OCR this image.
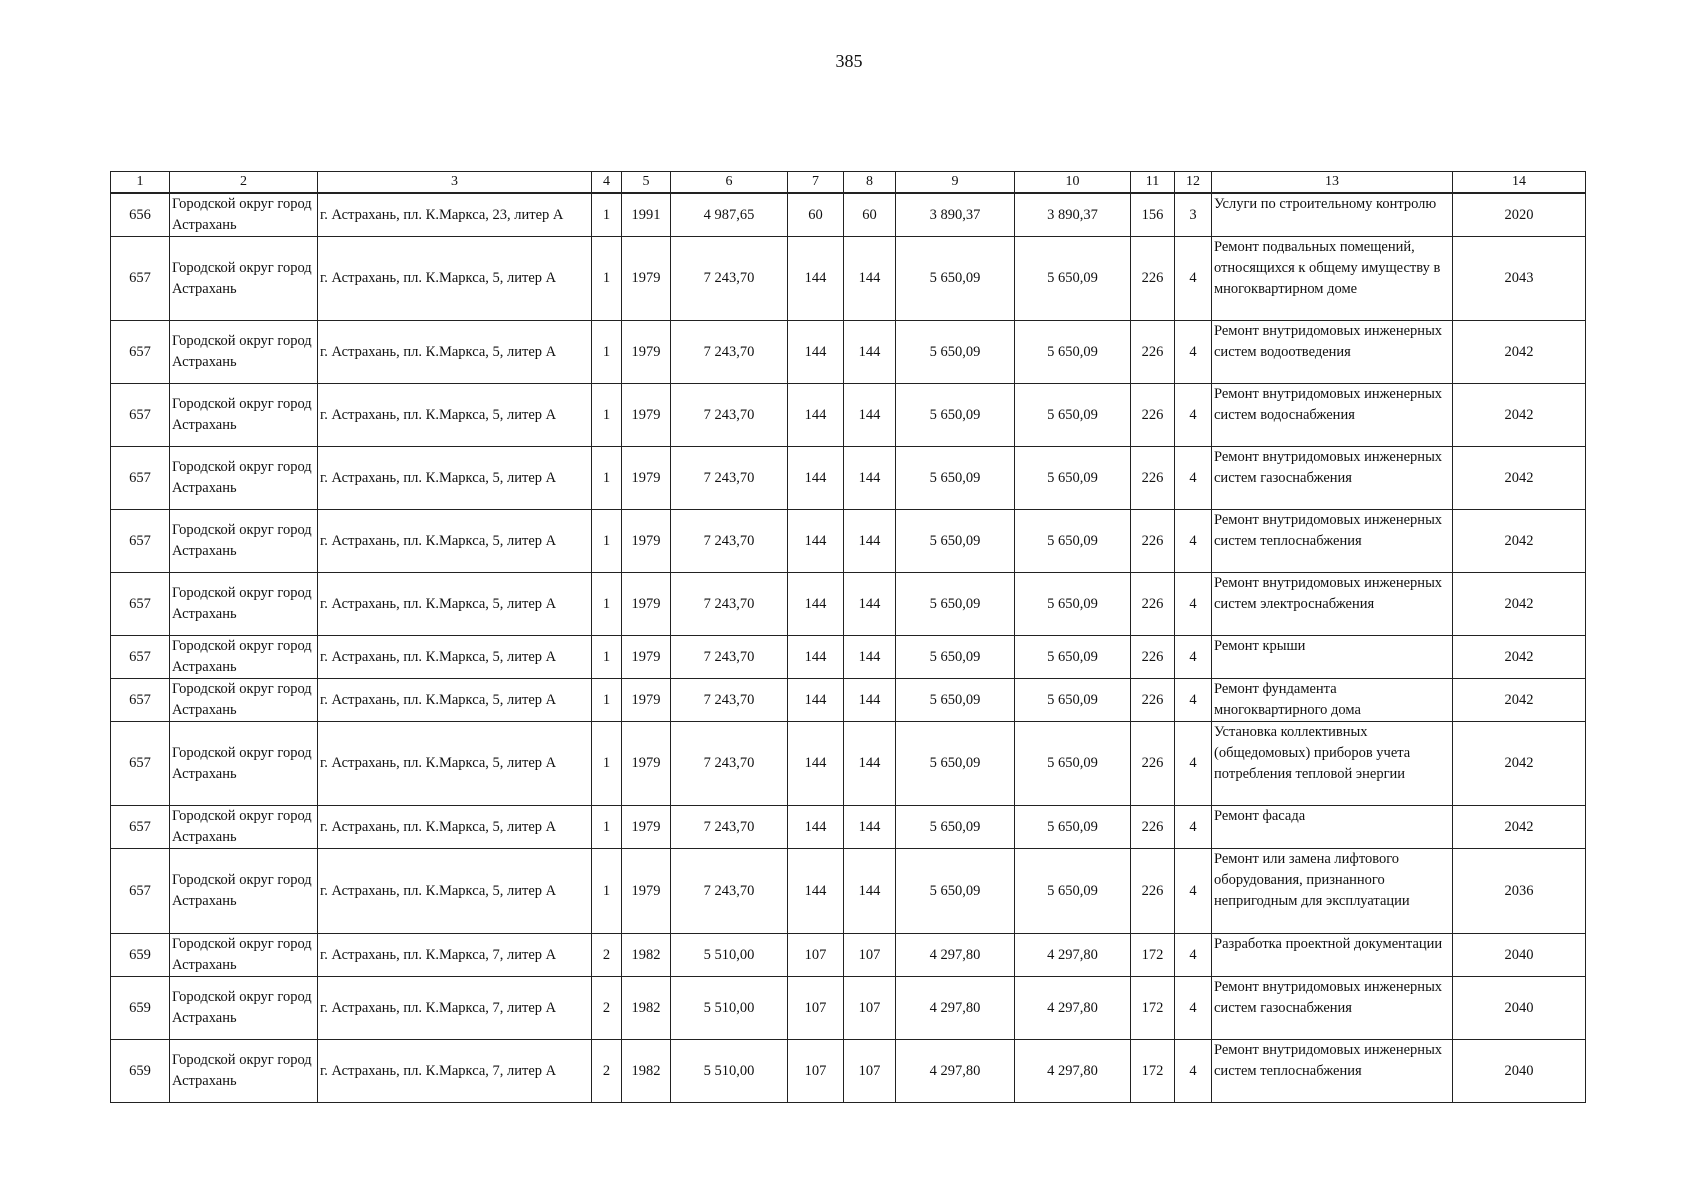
385
1	2	3	4	5	6	7	8	9	10	11	12	13	14
656	Городской округ город Астрахань	г. Астрахань, пл. К.Маркса, 23, литер А	1	1991	4 987,65	60	60	3 890,37	3 890,37	156	3	Услуги по строительному контролю	2020
657	Городской округ город Астрахань	г. Астрахань, пл. К.Маркса, 5, литер А	1	1979	7 243,70	144	144	5 650,09	5 650,09	226	4	Ремонт подвальных помещений, относящихся к общему имуществу в многоквартирном доме	2043
657	Городской округ город Астрахань	г. Астрахань, пл. К.Маркса, 5, литер А	1	1979	7 243,70	144	144	5 650,09	5 650,09	226	4	Ремонт внутридомовых инженерных систем водоотведения	2042
657	Городской округ город Астрахань	г. Астрахань, пл. К.Маркса, 5, литер А	1	1979	7 243,70	144	144	5 650,09	5 650,09	226	4	Ремонт внутридомовых инженерных систем водоснабжения	2042
657	Городской округ город Астрахань	г. Астрахань, пл. К.Маркса, 5, литер А	1	1979	7 243,70	144	144	5 650,09	5 650,09	226	4	Ремонт внутридомовых инженерных систем газоснабжения	2042
657	Городской округ город Астрахань	г. Астрахань, пл. К.Маркса, 5, литер А	1	1979	7 243,70	144	144	5 650,09	5 650,09	226	4	Ремонт внутридомовых инженерных систем теплоснабжения	2042
657	Городской округ город Астрахань	г. Астрахань, пл. К.Маркса, 5, литер А	1	1979	7 243,70	144	144	5 650,09	5 650,09	226	4	Ремонт внутридомовых инженерных систем электроснабжения	2042
657	Городской округ город Астрахань	г. Астрахань, пл. К.Маркса, 5, литер А	1	1979	7 243,70	144	144	5 650,09	5 650,09	226	4	Ремонт крыши	2042
657	Городской округ город Астрахань	г. Астрахань, пл. К.Маркса, 5, литер А	1	1979	7 243,70	144	144	5 650,09	5 650,09	226	4	Ремонт фундамента многоквартирного дома	2042
657	Городской округ город Астрахань	г. Астрахань, пл. К.Маркса, 5, литер А	1	1979	7 243,70	144	144	5 650,09	5 650,09	226	4	Установка коллективных (общедомовых) приборов учета потребления тепловой энергии	2042
657	Городской округ город Астрахань	г. Астрахань, пл. К.Маркса, 5, литер А	1	1979	7 243,70	144	144	5 650,09	5 650,09	226	4	Ремонт фасада	2042
657	Городской округ город Астрахань	г. Астрахань, пл. К.Маркса, 5, литер А	1	1979	7 243,70	144	144	5 650,09	5 650,09	226	4	Ремонт или замена лифтового оборудования, признанного непригодным для эксплуатации	2036
659	Городской округ город Астрахань	г. Астрахань, пл. К.Маркса, 7, литер А	2	1982	5 510,00	107	107	4 297,80	4 297,80	172	4	Разработка проектной документации	2040
659	Городской округ город Астрахань	г. Астрахань, пл. К.Маркса, 7, литер А	2	1982	5 510,00	107	107	4 297,80	4 297,80	172	4	Ремонт внутридомовых инженерных систем газоснабжения	2040
659	Городской округ город Астрахань	г. Астрахань, пл. К.Маркса, 7, литер А	2	1982	5 510,00	107	107	4 297,80	4 297,80	172	4	Ремонт внутридомовых инженерных систем теплоснабжения	2040
